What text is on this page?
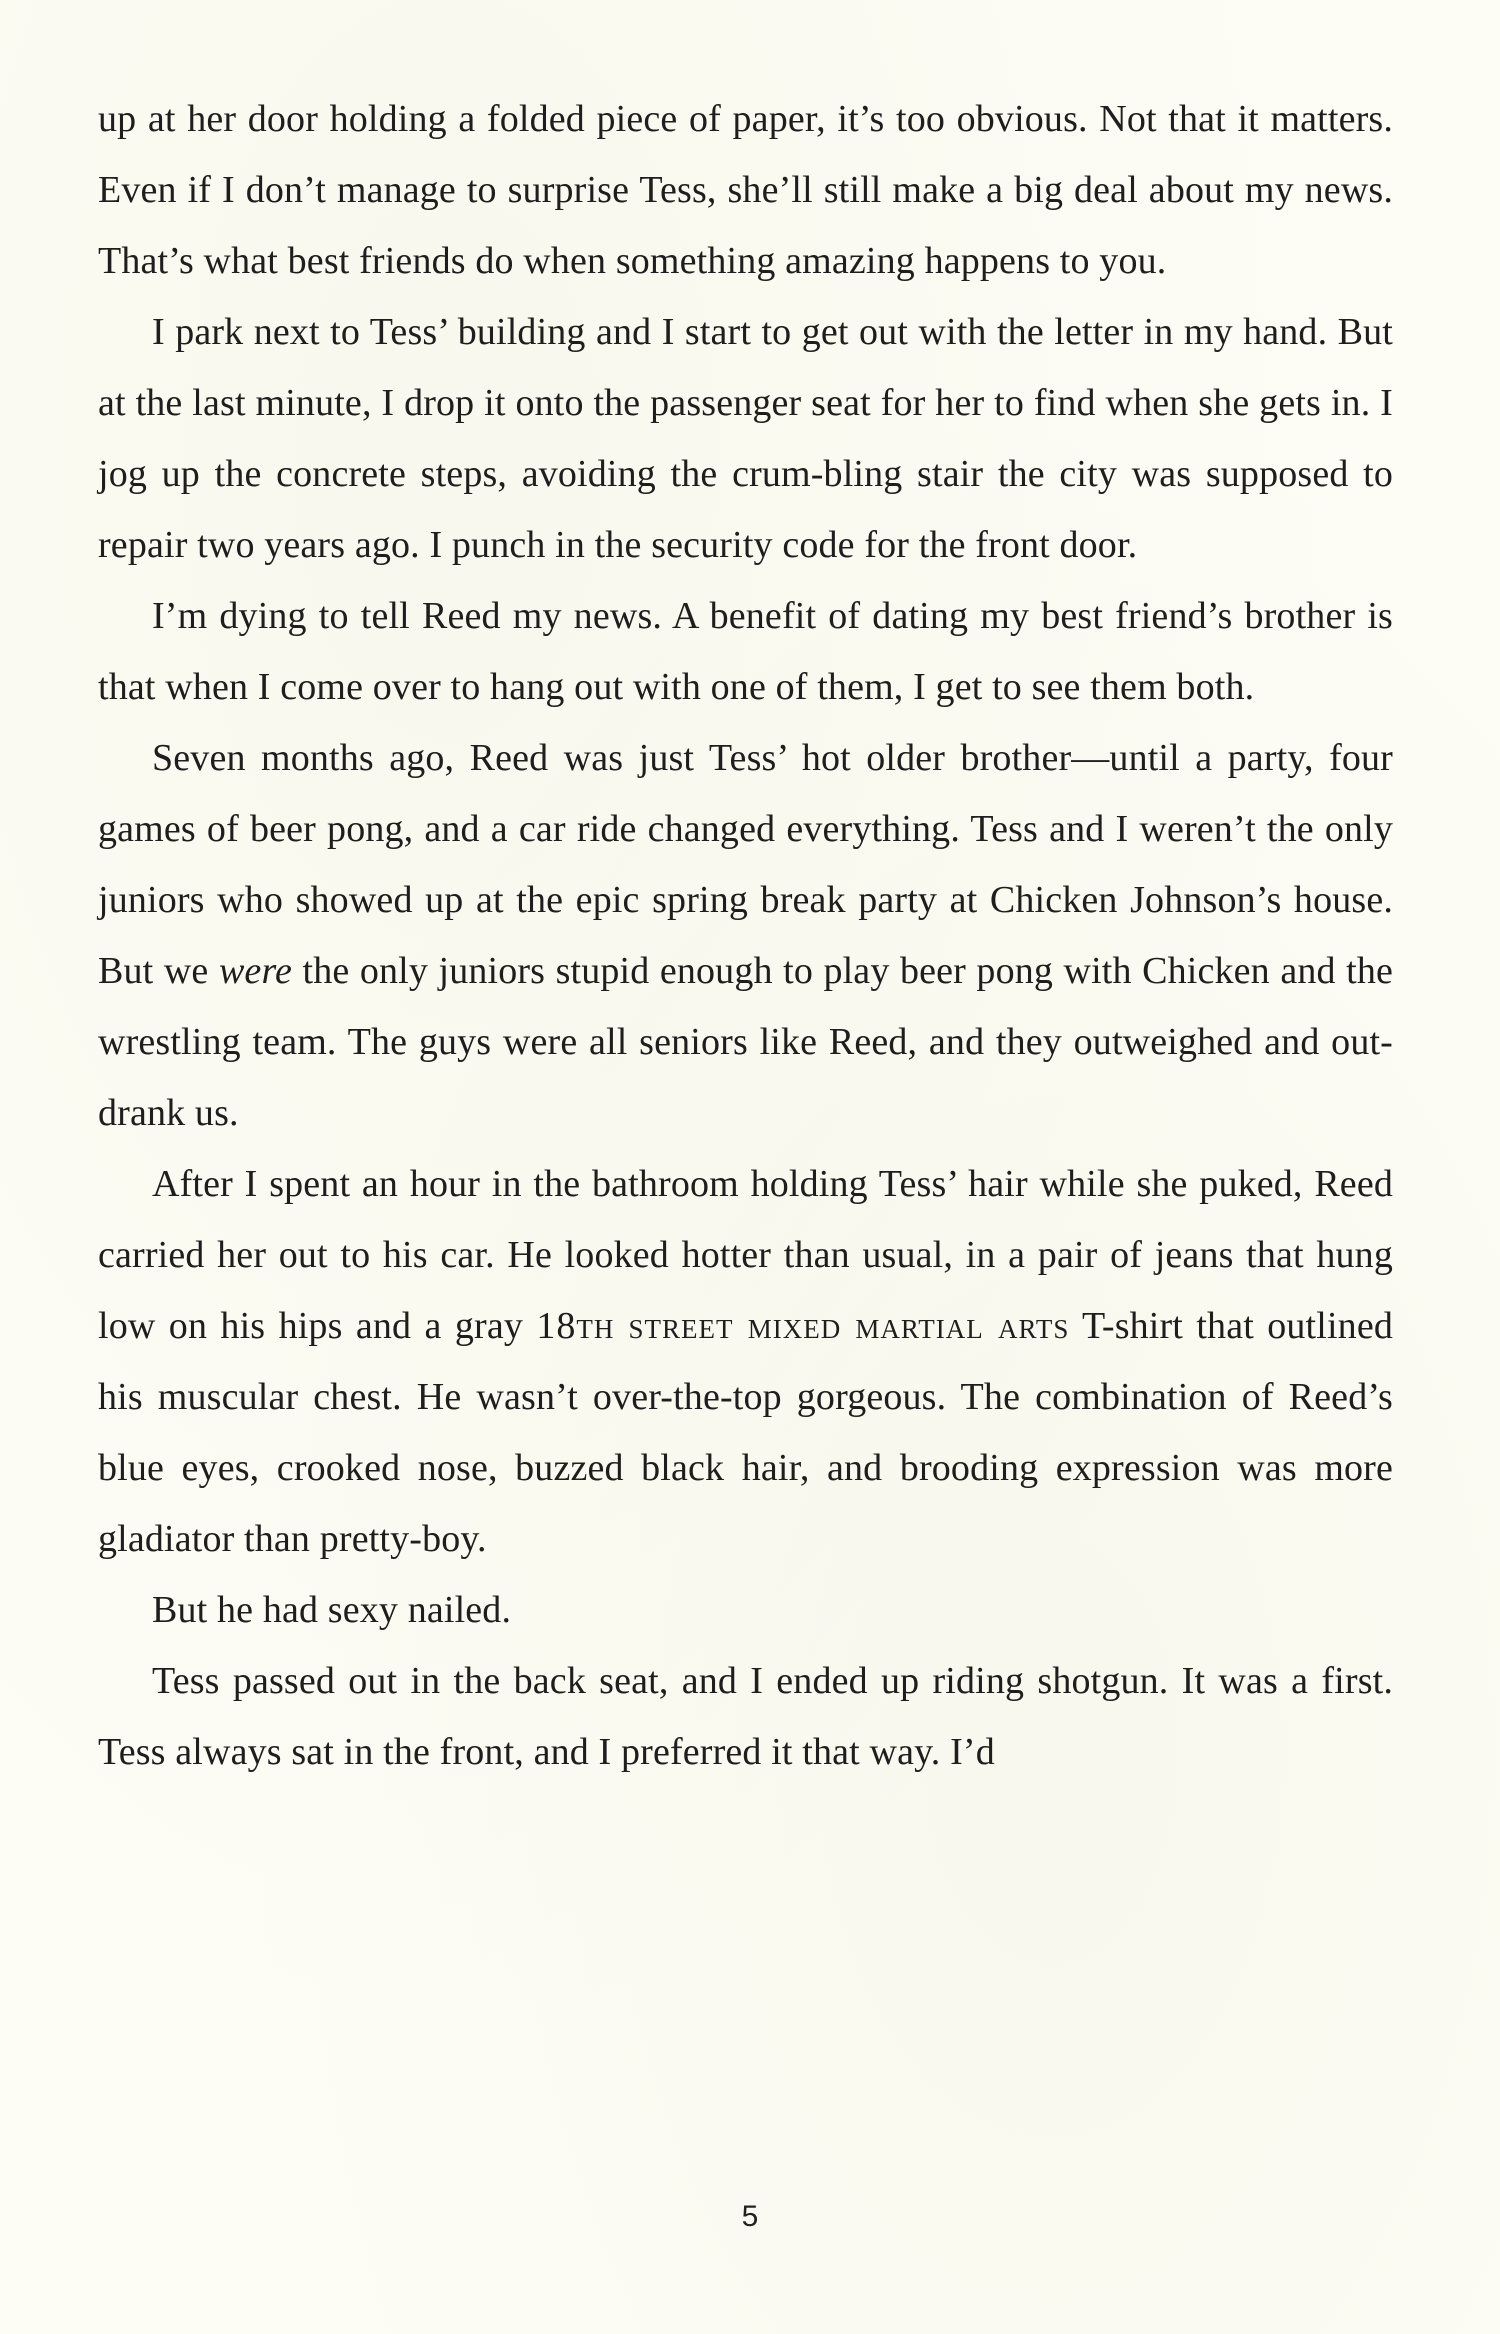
up at her door holding a folded piece of paper, it’s too obvious. Not that it matters. Even if I don’t manage to surprise Tess, she’ll still make a big deal about my news. That’s what best friends do when something amazing happens to you.

I park next to Tess’ building and I start to get out with the letter in my hand. But at the last minute, I drop it onto the passenger seat for her to find when she gets in. I jog up the concrete steps, avoiding the crum-bling stair the city was supposed to repair two years ago. I punch in the security code for the front door.

I’m dying to tell Reed my news. A benefit of dating my best friend’s brother is that when I come over to hang out with one of them, I get to see them both.

Seven months ago, Reed was just Tess’ hot older brother—until a party, four games of beer pong, and a car ride changed everything. Tess and I weren’t the only juniors who showed up at the epic spring break party at Chicken Johnson’s house. But we were the only juniors stupid enough to play beer pong with Chicken and the wrestling team. The guys were all seniors like Reed, and they outweighed and out-drank us.

After I spent an hour in the bathroom holding Tess’ hair while she puked, Reed carried her out to his car. He looked hotter than usual, in a pair of jeans that hung low on his hips and a gray 18th street mixed martial arts T-shirt that outlined his muscular chest. He wasn’t over-the-top gorgeous. The combination of Reed’s blue eyes, crooked nose, buzzed black hair, and brooding expression was more gladiator than pretty-boy.

But he had sexy nailed.

Tess passed out in the back seat, and I ended up riding shotgun. It was a first. Tess always sat in the front, and I preferred it that way. I’d

5
